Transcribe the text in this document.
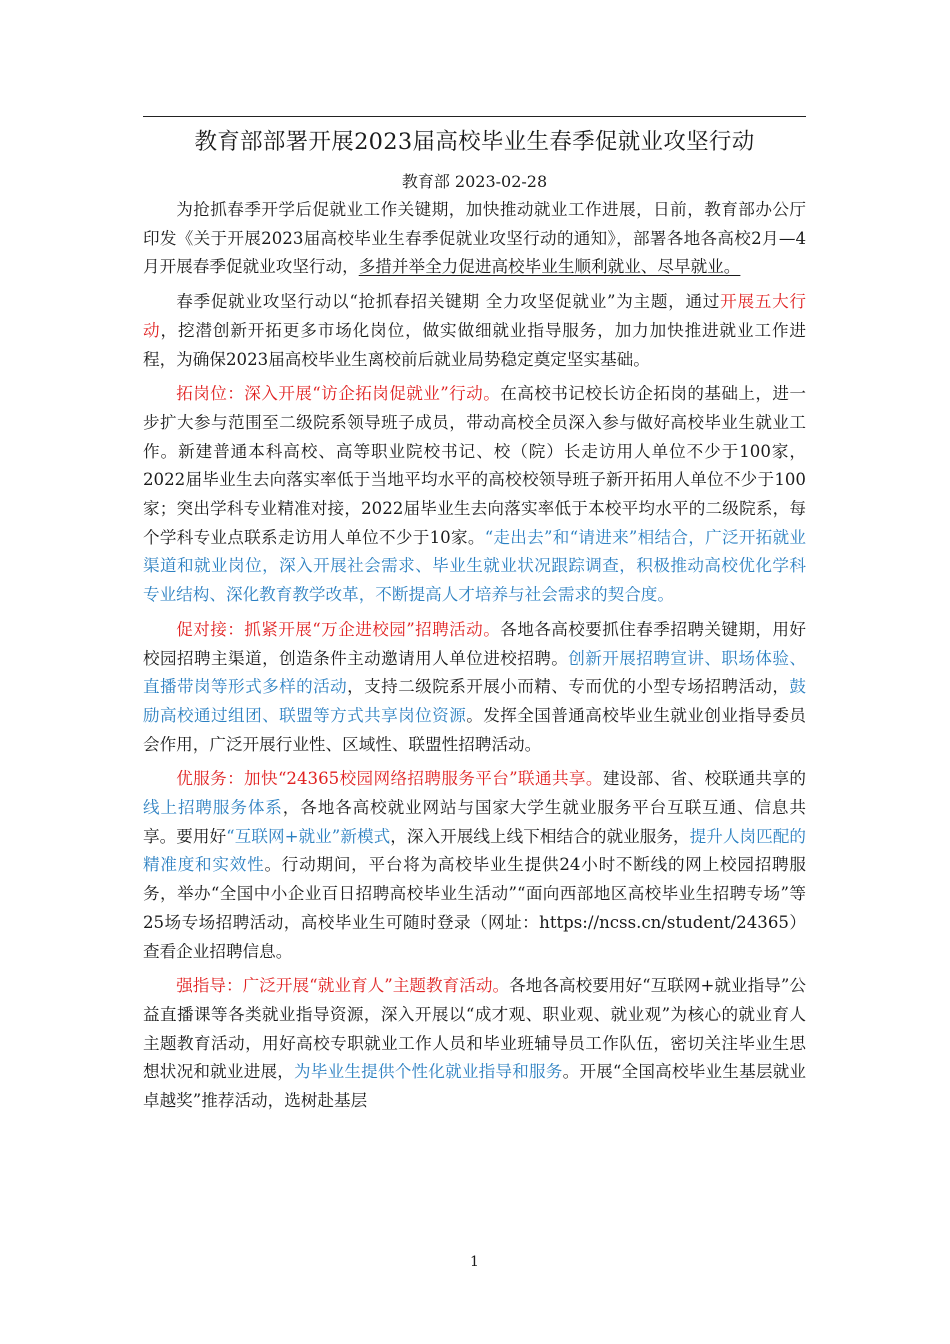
教育部部署开展2023届高校毕业生春季促就业攻坚行动
教育部 2023-02-28

为抢抓春季开学后促就业工作关键期，加快推动就业工作进展，日前，教育部办公厅印发《关于开展2023届高校毕业生春季促就业攻坚行动的通知》，部署各地各高校2月—4月开展春季促就业攻坚行动，多措并举全力促进高校毕业生顺利就业、尽早就业。

春季促就业攻坚行动以“抢抓春招关键期 全力攻坚促就业”为主题，通过开展五大行动，挖潜创新开拓更多市场化岗位，做实做细就业指导服务，加力加快推进就业工作进程，为确保2023届高校毕业生离校前后就业局势稳定奠定坚实基础。

拓岗位：深入开展“访企拓岗促就业”行动。在高校书记校长访企拓岗的基础上，进一步扩大参与范围至二级院系领导班子成员，带动高校全员深入参与做好高校毕业生就业工作。新建普通本科高校、高等职业院校书记、校（院）长走访用人单位不少于100家，2022届毕业生去向落实率低于当地平均水平的高校校领导班子新开拓用人单位不少于100家；突出学科专业精准对接，2022届毕业生去向落实率低于本校平均水平的二级院系，每个学科专业点联系走访用人单位不少于10家。“走出去”和“请进来”相结合，广泛开拓就业渠道和就业岗位，深入开展社会需求、毕业生就业状况跟踪调查，积极推动高校优化学科专业结构、深化教育教学改革，不断提高人才培养与社会需求的契合度。

促对接：抓紧开展“万企进校园”招聘活动。各地各高校要抓住春季招聘关键期，用好校园招聘主渠道，创造条件主动邀请用人单位进校招聘。创新开展招聘宣讲、职场体验、直播带岗等形式多样的活动，支持二级院系开展小而精、专而优的小型专场招聘活动，鼓励高校通过组团、联盟等方式共享岗位资源。发挥全国普通高校毕业生就业创业指导委员会作用，广泛开展行业性、区域性、联盟性招聘活动。

优服务：加快“24365校园网络招聘服务平台”联通共享。建设部、省、校联通共享的线上招聘服务体系，各地各高校就业网站与国家大学生就业服务平台互联互通、信息共享。要用好“互联网+就业”新模式，深入开展线上线下相结合的就业服务，提升人岗匹配的精准度和实效性。行动期间，平台将为高校毕业生提供24小时不断线的网上校园招聘服务，举办“全国中小企业百日招聘高校毕业生活动”“面向西部地区高校毕业生招聘专场”等25场专场招聘活动，高校毕业生可随时登录（网址：https://ncss.cn/student/24365）查看企业招聘信息。

强指导：广泛开展“就业育人”主题教育活动。各地各高校要用好“互联网+就业指导”公益直播课等各类就业指导资源，深入开展以“成才观、职业观、就业观”为核心的就业育人主题教育活动，用好高校专职就业工作人员和毕业班辅导员工作队伍，密切关注毕业生思想状况和就业进展，为毕业生提供个性化就业指导和服务。开展“全国高校毕业生基层就业卓越奖”推荐活动，选树赴基层

1
